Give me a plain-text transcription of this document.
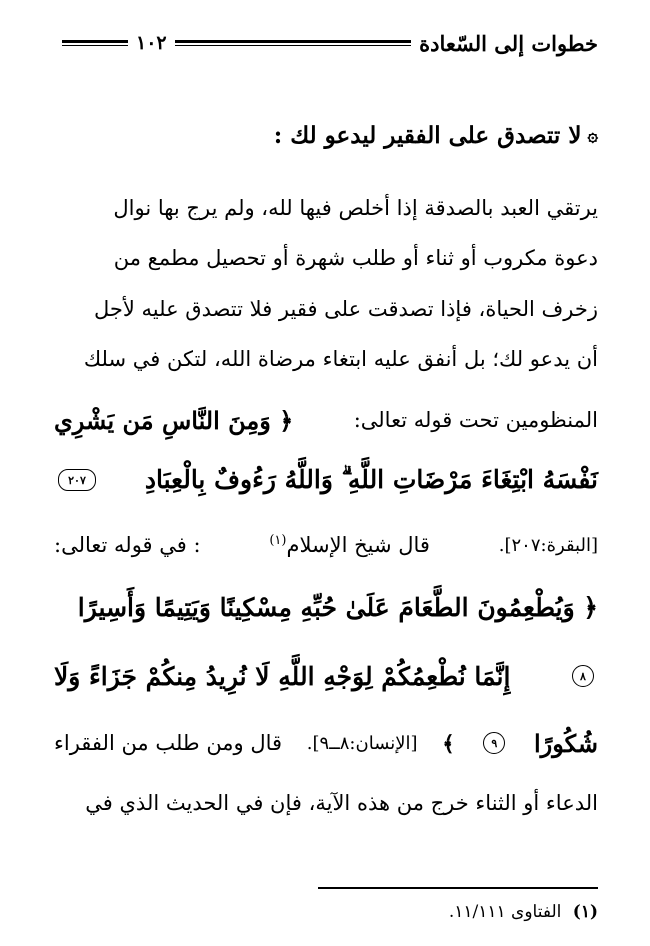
خطوات إلى السّعادة
١٠٢
۞
لا تتصدق على الفقير ليدعو لك :
يرتقي العبد بالصدقة إذا أخلص فيها لله، ولم يرج بها نوال
دعوة مكروب أو ثناء أو طلب شهرة أو تحصيل مطمع من
زخرف الحياة، فإذا تصدقت على فقير فلا تتصدق عليه لأجل
أن يدعو لك؛ بل أنفق عليه ابتغاء مرضاة الله، لتكن في سلك
المنظومين تحت قوله تعالى:
﴿ وَمِنَ النَّاسِ مَن يَشْرِي
نَفْسَهُ ابْتِغَاءَ مَرْضَاتِ اللَّهِ ۗ وَاللَّهُ رَءُوفٌ بِالْعِبَادِ
٢٠٧
[البقرة:٢٠٧].
قال شيخ الإسلام$^{(١)}$
: في قوله تعالى:
﴿ وَيُطْعِمُونَ الطَّعَامَ عَلَىٰ حُبِّهِ مِسْكِينًا وَيَتِيمًا وَأَسِيرًا
٨
إِنَّمَا نُطْعِمُكُمْ لِوَجْهِ اللَّهِ لَا نُرِيدُ مِنكُمْ جَزَاءً وَلَا
شُكُورًا
٩
﴾
[الإنسان:٨ــ٩].
قال ومن طلب من الفقراء
الدعاء أو الثناء خرج من هذه الآية، فإن في الحديث الذي في
(١) الفتاوى ١١/١١١.
